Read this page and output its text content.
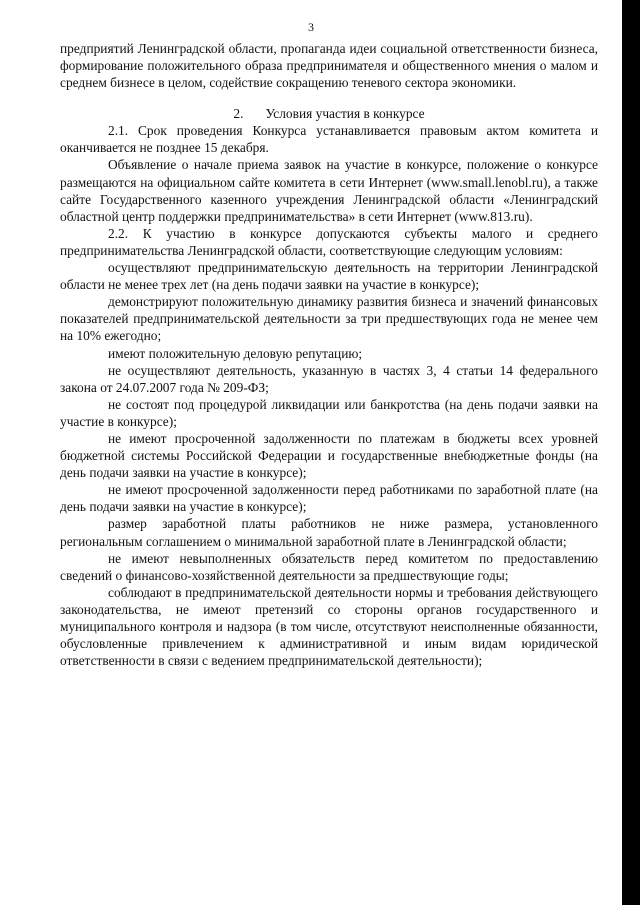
3

предприятий Ленинградской области, пропаганда идеи социальной ответственности бизнеса, формирование положительного образа предпринимателя и общественного мнения о малом и среднем бизнесе в целом, содействие сокращению теневого сектора экономики.

2. Условия участия в конкурсе

2.1. Срок проведения Конкурса устанавливается правовым актом комитета и оканчивается не позднее 15 декабря.

Объявление о начале приема заявок на участие в конкурсе, положение о конкурсе размещаются на официальном сайте комитета в сети Интернет (www.small.lenobl.ru), а также сайте Государственного казенного учреждения Ленинградской области «Ленинградский областной центр поддержки предпринимательства» в сети Интернет (www.813.ru).

2.2. К участию в конкурсе допускаются субъекты малого и среднего предпринимательства Ленинградской области, соответствующие следующим условиям:

осуществляют предпринимательскую деятельность на территории Ленинградской области не менее трех лет (на день подачи заявки на участие в конкурсе);

демонстрируют положительную динамику развития бизнеса и значений финансовых показателей предпринимательской деятельности за три предшествующих года не менее чем на 10% ежегодно;

имеют положительную деловую репутацию;

не осуществляют деятельность, указанную в частях 3, 4 статьи 14 федерального закона от 24.07.2007 года № 209-ФЗ;

не состоят под процедурой ликвидации или банкротства (на день подачи заявки на участие в конкурсе);

не имеют просроченной задолженности по платежам в бюджеты всех уровней бюджетной системы Российской Федерации и государственные внебюджетные фонды (на день подачи заявки на участие в конкурсе);

не имеют просроченной задолженности перед работниками по заработной плате (на день подачи заявки на участие в конкурсе);

размер заработной платы работников не ниже размера, установленного региональным соглашением о минимальной заработной плате в Ленинградской области;

не имеют невыполненных обязательств перед комитетом по предоставлению сведений о финансово-хозяйственной деятельности за предшествующие годы;

соблюдают в предпринимательской деятельности нормы и требования действующего законодательства, не имеют претензий со стороны органов государственного и муниципального контроля и надзора (в том числе, отсутствуют неисполненные обязанности, обусловленные привлечением к административной и иным видам юридической ответственности в связи с ведением предпринимательской деятельности);
